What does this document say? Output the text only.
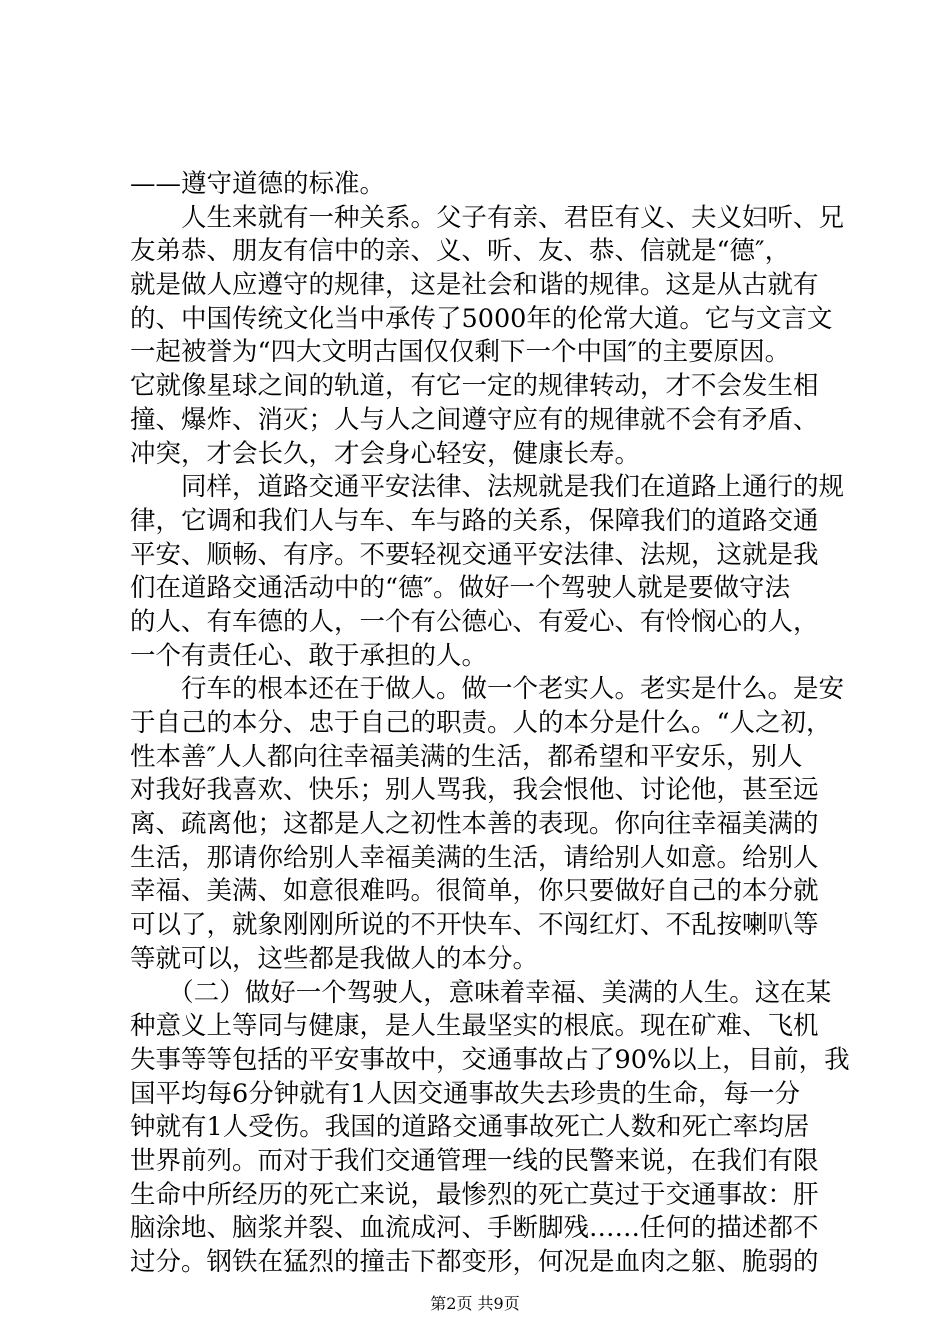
——遵守道德的标准。
　　人生来就有一种关系。父子有亲、君臣有义、夫义妇听、兄
友弟恭、朋友有信中的亲、义、听、友、恭、信就是“德″，
就是做人应遵守的规律，这是社会和谐的规律。这是从古就有
的、中国传统文化当中承传了5000年的伦常大道。它与文言文
一起被誉为“四大文明古国仅仅剩下一个中国″的主要原因。
它就像星球之间的轨道，有它一定的规律转动，才不会发生相
撞、爆炸、消灭；人与人之间遵守应有的规律就不会有矛盾、
冲突，才会长久，才会身心轻安，健康长寿。
　　同样，道路交通平安法律、法规就是我们在道路上通行的规
律，它调和我们人与车、车与路的关系，保障我们的道路交通
平安、顺畅、有序。不要轻视交通平安法律、法规，这就是我
们在道路交通活动中的“德″。做好一个驾驶人就是要做守法
的人、有车德的人，一个有公德心、有爱心、有怜悯心的人，
一个有责任心、敢于承担的人。
　　行车的根本还在于做人。做一个老实人。老实是什么。是安
于自己的本分、忠于自己的职责。人的本分是什么。“人之初，
性本善″人人都向往幸福美满的生活，都希望和平安乐，别人
对我好我喜欢、快乐；别人骂我，我会恨他、讨论他，甚至远
离、疏离他；这都是人之初性本善的表现。你向往幸福美满的
生活，那请你给别人幸福美满的生活，请给别人如意。给别人
幸福、美满、如意很难吗。很简单，你只要做好自己的本分就
可以了，就象刚刚所说的不开快车、不闯红灯、不乱按喇叭等
等就可以，这些都是我做人的本分。
　　（二）做好一个驾驶人，意味着幸福、美满的人生。这在某
种意义上等同与健康，是人生最坚实的根底。现在矿难、飞机
失事等等包括的平安事故中，交通事故占了90%以上，目前，我
国平均每6分钟就有1人因交通事故失去珍贵的生命，每一分
钟就有1人受伤。我国的道路交通事故死亡人数和死亡率均居
世界前列。而对于我们交通管理一线的民警来说，在我们有限
生命中所经历的死亡来说，最惨烈的死亡莫过于交通事故：肝
脑涂地、脑浆并裂、血流成河、手断脚残……任何的描述都不
过分。钢铁在猛烈的撞击下都变形，何况是血肉之躯、脆弱的
第2页 共9页
